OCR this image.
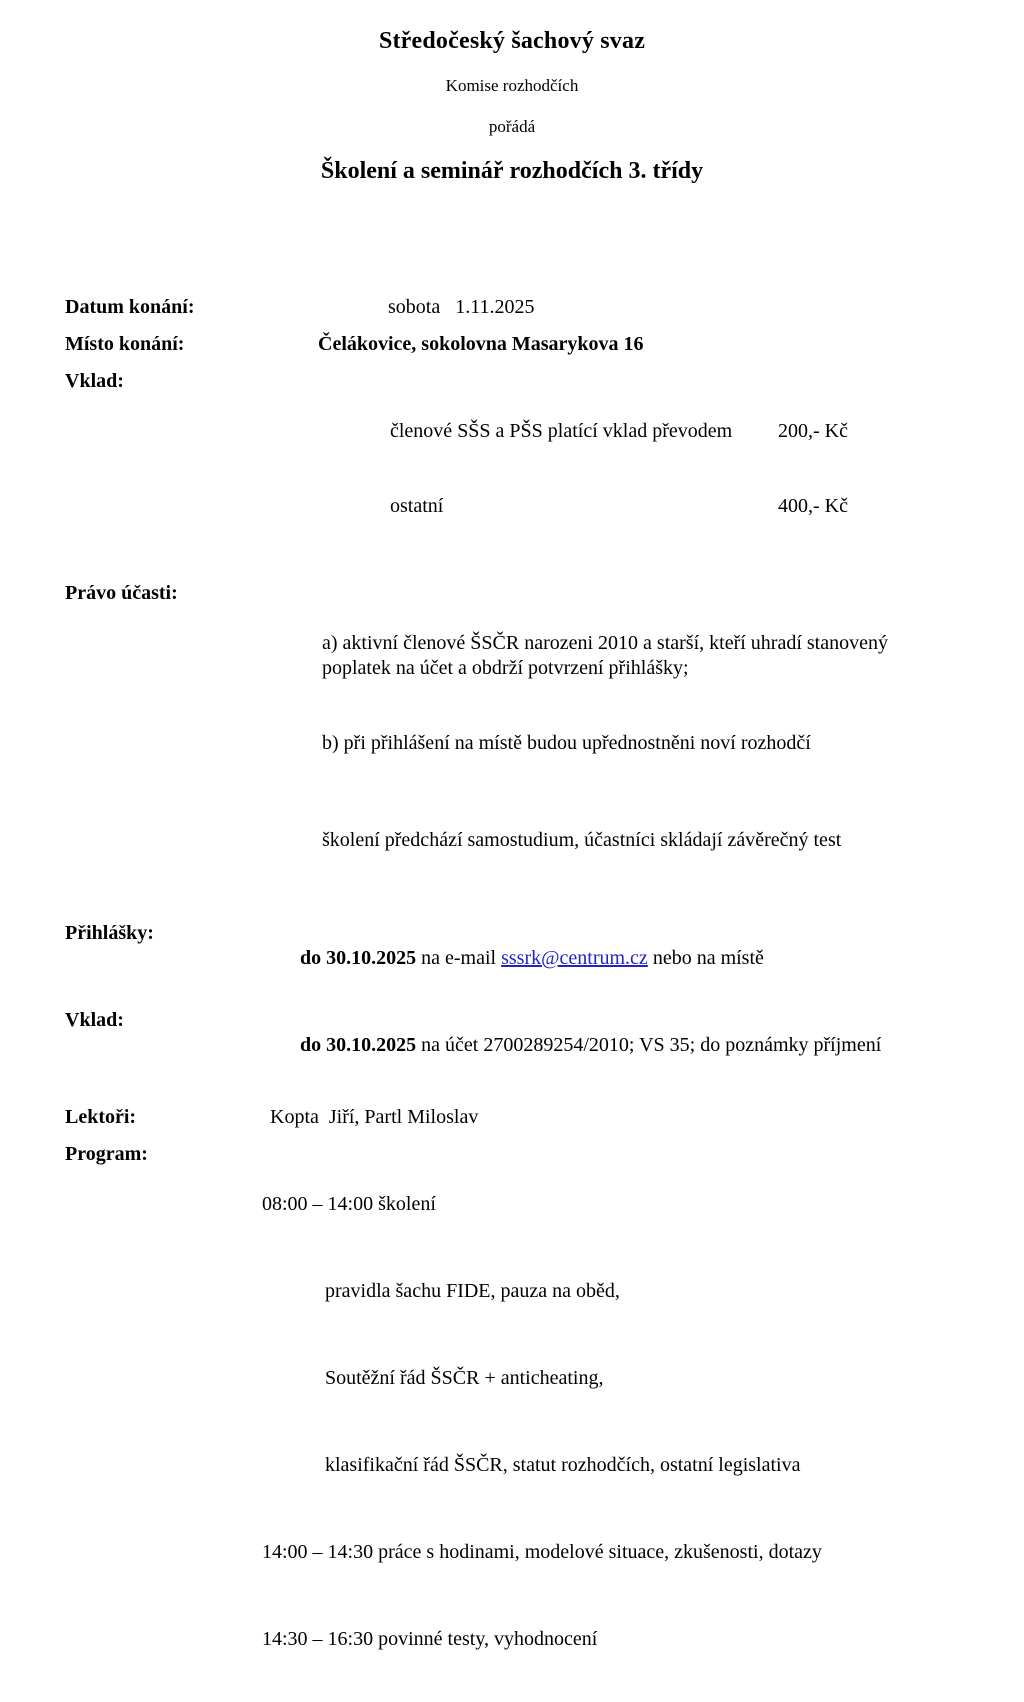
Středočeský šachový svaz

Komise rozhodčích

pořádá

Školení a seminář rozhodčích 3. třídy
Datum konání:	sobota   1.11.2025
Místo konání:	Čelákovice, sokolovna Masarykova 16
Vklad:

členové SŠS a PŠS platící vklad převodem	200,- Kč

ostatní	400,- Kč

Právo účasti:

a) aktivní členové ŠSČR narozeni 2010 a starší, kteří uhradí stanovený poplatek na účet a obdrží potvrzení přihlášky;

b) při přihlášení na místě budou upřednostněni noví rozhodčí

školení předchází samostudium, účastníci skládají závěrečný test

Přihlášky:

do 30.10.2025 na e-mail sssrk@centrum.cz nebo na místě

Vklad:

do 30.10.2025 na účet 2700289254/2010; VS 35; do poznámky příjmení

Lektoři:	Kopta  Jiří, Partl Miloslav
Program:

08:00 – 14:00 školení

pravidla šachu FIDE, pauza na oběd,

Soutěžní řád ŠSČR + anticheating,

klasifikační řád ŠSČR, statut rozhodčích, ostatní legislativa

14:00 – 14:30 práce s hodinami, modelové situace, zkušenosti, dotazy

14:30 – 16:30 povinné testy, vyhodnocení
